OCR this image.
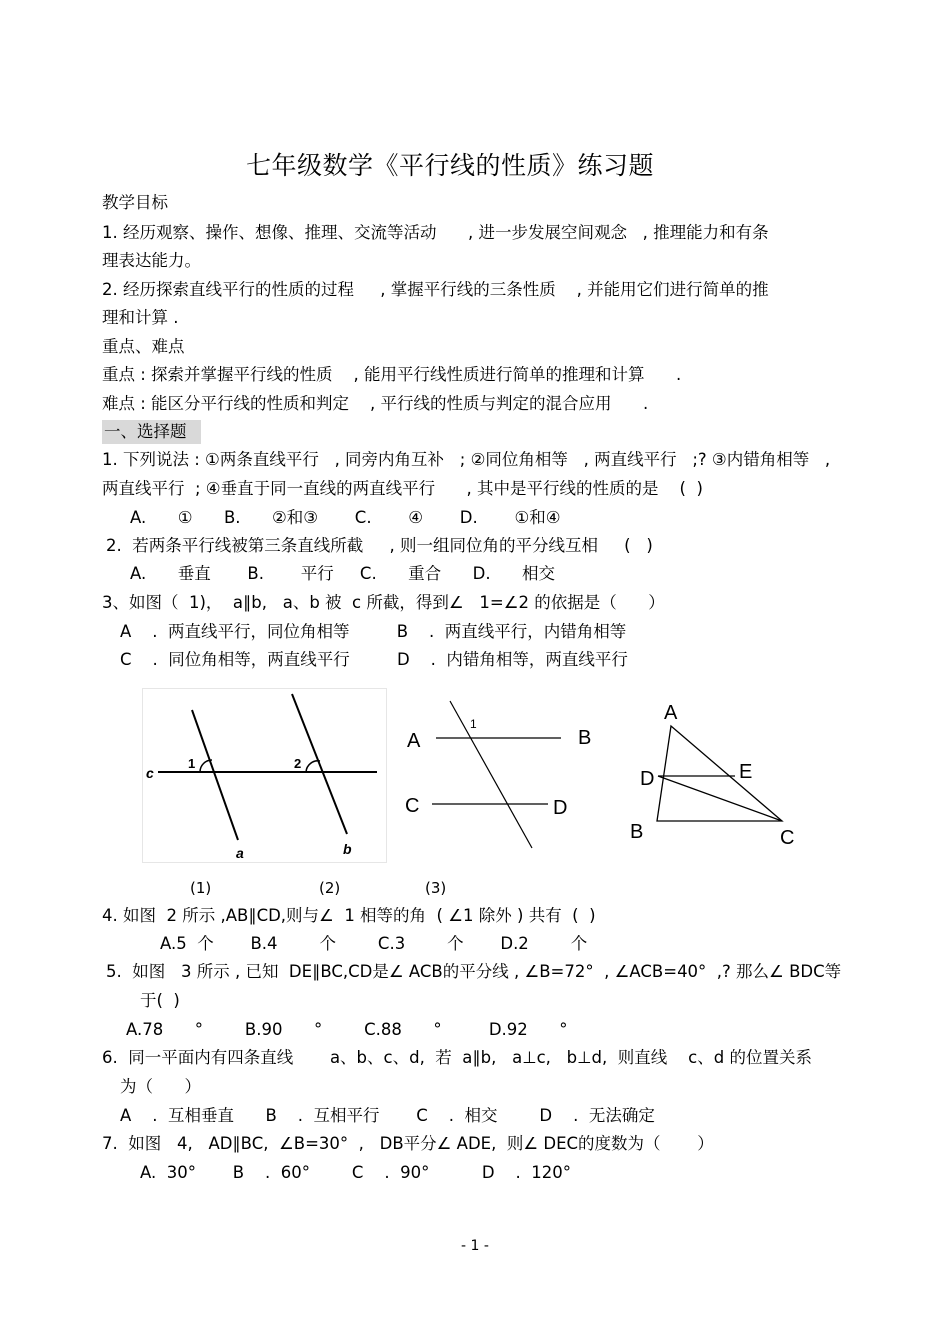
七年级数学《平行线的性质》练习题
教学目标
1. 经历观察、操作、想像、推理、交流等活动      , 进一步发展空间观念   , 推理能力和有条
理表达能力。
2. 经历探索直线平行的性质的过程     , 掌握平行线的三条性质    , 并能用它们进行简单的推
理和计算 .
重点、难点
重点 : 探索并掌握平行线的性质    , 能用平行线性质进行简单的推理和计算      .
难点 : 能区分平行线的性质和判定    , 平行线的性质与判定的混合应用      .
一、选择题
1. 下列说法 : ①两条直线平行   , 同旁内角互补   ; ②同位角相等   , 两直线平行   ;? ③内错角相等   ,
两直线平行  ; ④垂直于同一直线的两直线平行      , 其中是平行线的性质的是    (  )
A.      ①      B.      ②和③       C.       ④       D.       ①和④
2.  若两条平行线被第三条直线所截     , 则一组同位角的平分线互相     (   )
A.      垂直       B.       平行     C.      重合      D.      相交
3、如图（  1)，  a∥b,   a、b 被  c 所截，得到∠   1=∠2 的依据是（      ）
A    .  两直线平行，同位角相等         B    .  两直线平行，内错角相等
C    .  同位角相等，两直线平行         D    .  内错角相等，两直线平行
c
1	2
a	b
A	B
C	D
1	A
E
D
B	C
(1)	(2)	(3)
4. 如图  2 所示 ,AB∥CD,则与∠  1 相等的角  ( ∠1 除外 ) 共有  (  )
A.5  个       B.4        个        C.3        个       D.2        个
5.  如图   3 所示 , 已知  DE∥BC,CD是∠ ACB的平分线 , ∠B=72°  , ∠ACB=40°  ,? 那么∠ BDC等
于(  )
A.78      °        B.90      °        C.88      °         D.92      °
6.  同一平面内有四条直线       a、b、c、d,  若  a∥b,   a⊥c,   b⊥d,  则直线    c、d 的位置关系
为（      ）
A    .  互相垂直      B    .  互相平行       C    .  相交        D    .  无法确定
7.  如图   4,   AD∥BC,  ∠B=30°  ,   DB平分∠ ADE,  则∠ DEC的度数为（       ）
A.  30°       B    .  60°        C    .  90°          D    .  120°
- 1 -
